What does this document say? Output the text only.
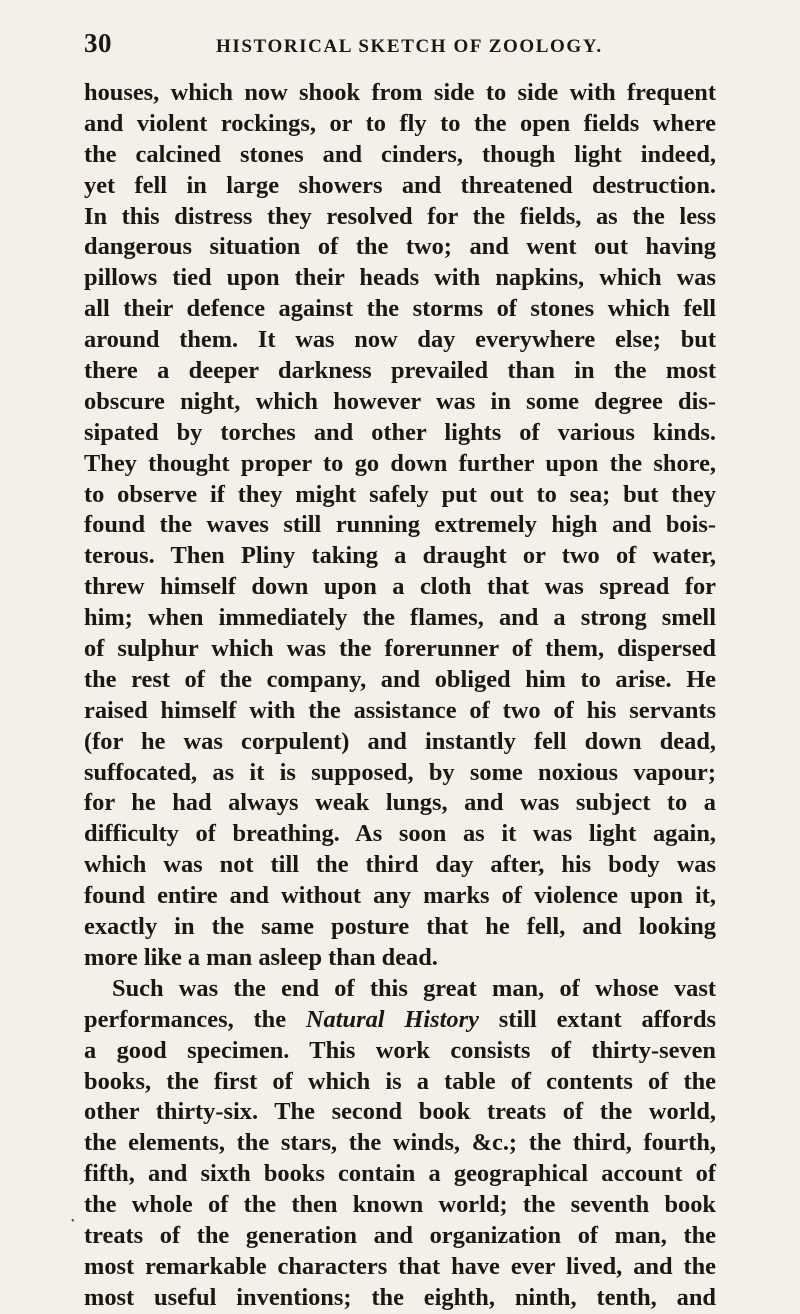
30	HISTORICAL SKETCH OF ZOOLOGY.
houses, which now shook from side to side with frequent
and violent rockings, or to fly to the open fields where
the calcined stones and cinders, though light indeed,
yet fell in large showers and threatened destruction.
In this distress they resolved for the fields, as the less
dangerous situation of the two; and went out having
pillows tied upon their heads with napkins, which was
all their defence against the storms of stones which fell
around them. It was now day everywhere else; but
there a deeper darkness prevailed than in the most
obscure night, which however was in some degree dis-
sipated by torches and other lights of various kinds.
They thought proper to go down further upon the shore,
to observe if they might safely put out to sea; but they
found the waves still running extremely high and bois-
terous. Then Pliny taking a draught or two of water,
threw himself down upon a cloth that was spread for
him; when immediately the flames, and a strong smell
of sulphur which was the forerunner of them, dispersed
the rest of the company, and obliged him to arise. He
raised himself with the assistance of two of his servants
(for he was corpulent) and instantly fell down dead,
suffocated, as it is supposed, by some noxious vapour;
for he had always weak lungs, and was subject to a
difficulty of breathing. As soon as it was light again,
which was not till the third day after, his body was
found entire and without any marks of violence upon it,
exactly in the same posture that he fell, and looking
more like a man asleep than dead.
Such was the end of this great man, of whose vast
performances, the Natural History still extant affords
a good specimen. This work consists of thirty-seven
books, the first of which is a table of contents of the
other thirty-six. The second book treats of the world,
the elements, the stars, the winds, &c.; the third, fourth,
fifth, and sixth books contain a geographical account of
the whole of the then known world; the seventh book
treats of the generation and organization of man, the
most remarkable characters that have ever lived, and the
most useful inventions; the eighth, ninth, tenth, and
•
